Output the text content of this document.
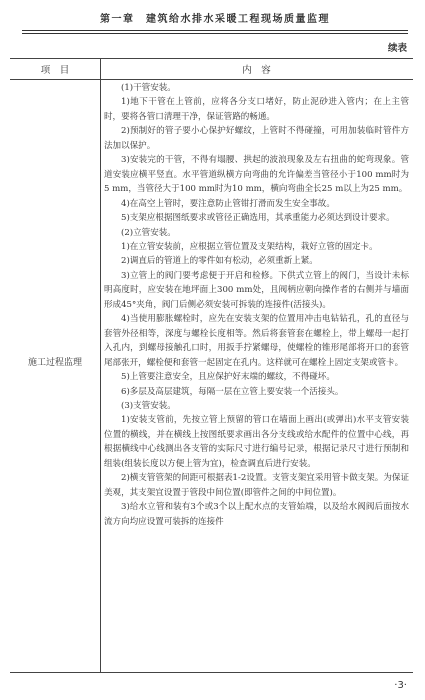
第一章　建筑给水排水采暖工程现场质量监理
续表
项　目	内　容
施工过程监理

(1)干管安装。

1)地下干管在上管前，应将各分支口堵好，防止泥砂进入管内；在上主管时，要将各管口清理干净，保证管路的畅通。

2)预制好的管子要小心保护好螺纹，上管时不得碰撞，可用加装临时管件方法加以保护。

3)安装完的干管，不得有塌腰、拱起的波浪现象及左右扭曲的蛇弯现象。管道安装应横平竖直。水平管道纵横方向弯曲的允许偏差当管径小于100 mm时为5 mm，当管径大于100 mm时为10 mm，横向弯曲全长25 m以上为25 mm。

4)在高空上管时，要注意防止管钳打滑而发生安全事故。

5)支架应根据图纸要求或管径正确选用，其承重能力必须达到设计要求。

(2)立管安装。

1)在立管安装前，应根据立管位置及支架结构，栽好立管的固定卡。

2)调直后的管道上的零件如有松动，必须重新上紧。

3)立管上的阀门要考虑便于开启和检修。下供式立管上的阀门，当设计未标明高度时，应安装在地坪面上300 mm处，且阀柄应朝向操作者的右侧并与墙面形成45°夹角，阀门后侧必须安装可拆装的连接件(活接头)。

4)当使用膨胀螺栓时，应先在安装支架的位置用冲击电钻钻孔，孔的直径与套管外径相等，深度与螺栓长度相等。然后将套管套在螺栓上，带上螺母一起打入孔内，到螺母接触孔口时，用扳手拧紧螺母，使螺栓的锥形尾部将开口的套管尾部张开，螺栓便和套管一起固定在孔内。这样就可在螺栓上固定支架或管卡。

5)上管要注意安全，且应保护好末端的螺纹，不得碰坏。

6)多层及高层建筑，每隔一层在立管上要安装一个活接头。

(3)支管安装。

1)安装支管前，先按立管上预留的管口在墙面上画出(或弹出)水平支管安装位置的横线，并在横线上按图纸要求画出各分支线或给水配件的位置中心线，再根据横线中心线测出各支管的实际尺寸进行编号记录，根据记录尺寸进行预制和组装(组装长度以方便上管为宜)，检查调直后进行安装。

2)横支管管架的间距可根据表1-2设置。支管支架宜采用管卡做支架。为保证美观，其支架宜设置于管段中间位置(即管件之间的中间位置)。

3)给水立管和装有3个或3个以上配水点的支管始端，以及给水阀阀后面按水流方向均应设置可装拆的连接件

·3·
